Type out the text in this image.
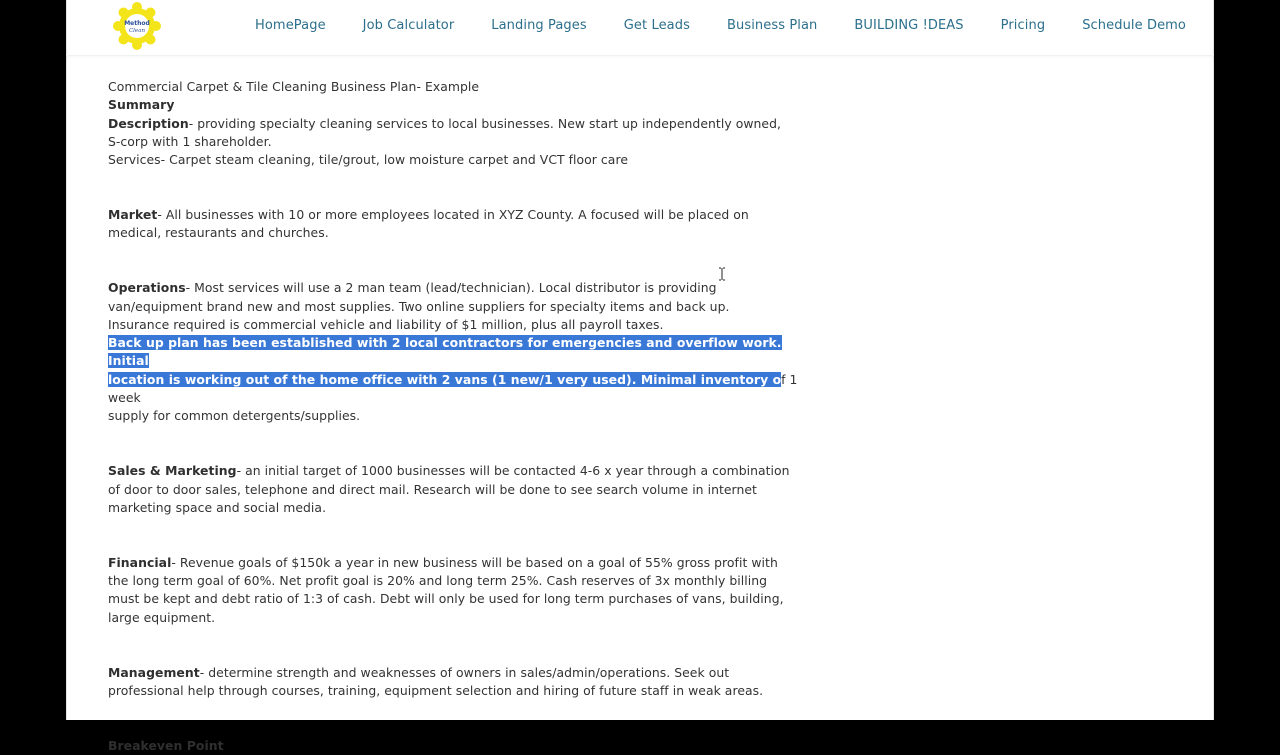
Method
Clean	HomePage	Job Calculator	Landing Pages	Get Leads	Business Plan	BUILDING !DEAS	Pricing	Schedule Demo

Commercial Carpet & Tile Cleaning Business Plan- Example

Summary

Description- providing specialty cleaning services to local businesses. New start up independently owned,

S-corp with 1 shareholder.

Services- Carpet steam cleaning, tile/grout, low moisture carpet and VCT floor care

Market- All businesses with 10 or more employees located in XYZ County. A focused will be placed on

medical, restaurants and churches.

Operations- Most services will use a 2 man team (lead/technician). Local distributor is providing

van/equipment brand new and most supplies. Two online suppliers for specialty items and back up.

Insurance required is commercial vehicle and liability of $1 million, plus all payroll taxes.

Back up plan has been established with 2 local contractors for emergencies and overflow work. Initial

location is working out of the home office with 2 vans (1 new/1 very used). Minimal inventory of 1 week

supply for common detergents/supplies.

Sales & Marketing- an initial target of 1000 businesses will be contacted 4-6 x year through a combination

of door to door sales, telephone and direct mail. Research will be done to see search volume in internet

marketing space and social media.

Financial- Revenue goals of $150k a year in new business will be based on a goal of 55% gross profit with

the long term goal of 60%. Net profit goal is 20% and long term 25%. Cash reserves of 3x monthly billing

must be kept and debt ratio of 1:3 of cash. Debt will only be used for long term purchases of vans, building,

large equipment.

Management- determine strength and weaknesses of owners in sales/admin/operations. Seek out

professional help through courses, training, equipment selection and hiring of future staff in weak areas.

Breakeven Point
